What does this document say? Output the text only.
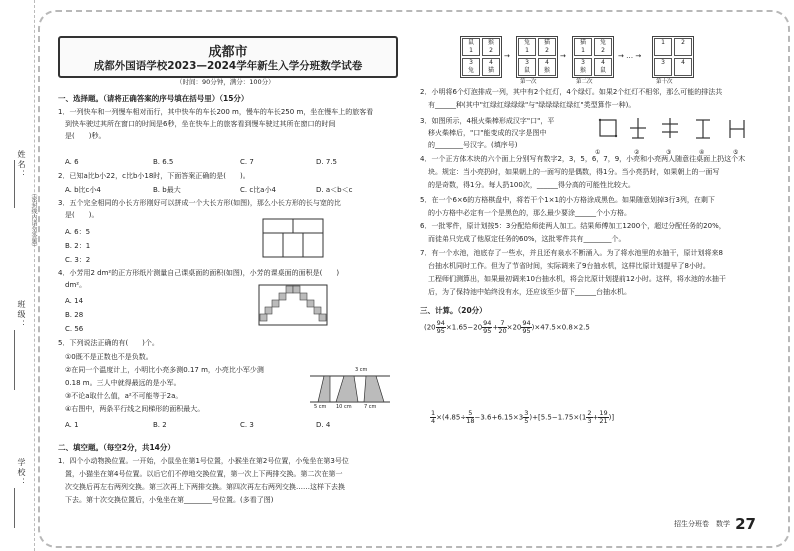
姓名：
（密封线内请勿答题）
班级：
学校：
成都市
成都外国语学校2023—2024学年新生入学分班数学试卷
（时间：90分钟，满分：100分）
一、选择题。（请将正确答案的序号填在括号里）（15分）
1．一列快车和一列慢车相对而行，其中快车的车长200 m，慢车的车长250 m，坐在慢车上的旅客看
到快车驶过其所在窗口的时间是6秒，坐在快车上的旅客看到慢车驶过其所在窗口的时间
是(　　)秒。
A. 6	B. 6.5	C. 7	D. 7.5
2．已知a比b小22，c比b小18时，下面答案正确的是(　　)。
A. b比c小4	B. b最大	C. c比a小4	D. a＜b＜c
3．五个完全相同的小长方形刚好可以拼成一个大长方形(如图)，那么小长方形的长与宽的比
是(　　)。
A. 6：5
B. 2：1
C. 3：2
4．小芳用2 dm²的正方形纸片测量自己课桌面的面积(如图)，小芳的课桌面的面积是(　　)
dm²。
A. 14
B. 28
C. 56
5．下列说法正确的有(　　)个。
①0既不是正数也不是负数。
②在同一个温度计上，小明比小亮多测0.17 m，小亮比小军少测
0.18 m。三人中就得最远的是小军。
③不论a取什么值，a²不可能等于2a。
④右图中，两条平行线之间梯形的面积最大。
3 cm
5 cm 10 cm 7 cm
A. 1	B. 2	C. 3	D. 4
二、填空题。（每空2分，共14分）
1．四个小动物换位置。一开始，小鼠坐在第1号位置，小猴坐在第2号位置，小兔坐在第3号位
置，小猫坐在第4号位置。以后它们不停地交换位置，第一次上下两排交换。第二次在第一
次交换后再左右两列交换。第三次再上下两排交换。第四次再左右两列交换……这样下去换
下去。第十次交换位置后，小兔坐在第________号位置。(多看了图)
鼠
1
猴
2
3
兔
4
猫
→
兔
1
猫
2
3
鼠
4
猴
第一次
→
猫
1
兔
2
3
猴
4
鼠
第二次
→ … →
1	2
3	4
第十次
2．小明将6个灯泡排成一列，其中有2个红灯，4个绿灯。如果2个红灯不相邻，那么可能的排法共
有______种(其中"红绿红绿绿绿"与"绿绿绿红绿红"类型算作一种)。
3．如图所示，4根火柴棒形成汉字"口"，平
移火柴棒后，"口"能变成的汉字是图中
的________号汉字。(填序号)
①	②	③	④	⑤
4．一个正方体木块的六个面上分别写有数字2，3，5，6，7，9，小亮和小亮两人随意往桌面上扔这个木
块。规定：当小亮扔时，如果朝上的一面写的是偶数，得1分。当小亮扔时，如果朝上的一面写
的是奇数，得1分。每人扔100次，______得分高的可能性比较大。
5．在一个6×6的方格棋盘中，将若干个1×1的小方格涂成黑色。如果随意划掉3行3列，在剩下
的小方格中必定有一个是黑色的，那么最少要涂______个小方格。
6．一批零件，原计划按5：3分配给师徒两人加工。结果师傅加工1200个，超过分配任务的20%，
而徒弟只完成了他原定任务的60%，这批零件共有________个。
7．有一个水池，池底存了一些水，并且还有泉水不断涌入。为了将水池里的水抽干，原计划将来8
台抽水机同时工作。但为了节省时间，实际调来了9台抽水机，这样比原计划提早了8小时。
工程师们测算出，如果最初调来10台抽水机，将会比原计划提前12小时。这样，将水池的水抽干
后，为了保持池中始终没有水，还应该至少留下______台抽水机。
三、计算。（20分）
$(20 \frac{94}{95} \times 1.65-20 \frac{94}{95} + \frac{7}{20} \times 20 \frac{94}{95} )\times 47.5\times 0.8\times 2.5$
$\frac{1}{4} \times(4.85\div \frac{5}{18} -3.6+6.15\times 3 \frac{3}{5} )+[5.5-1.75\times(1 \frac{2}{3} + \frac{19}{21}$ )]
招生分班卷　数学 27
